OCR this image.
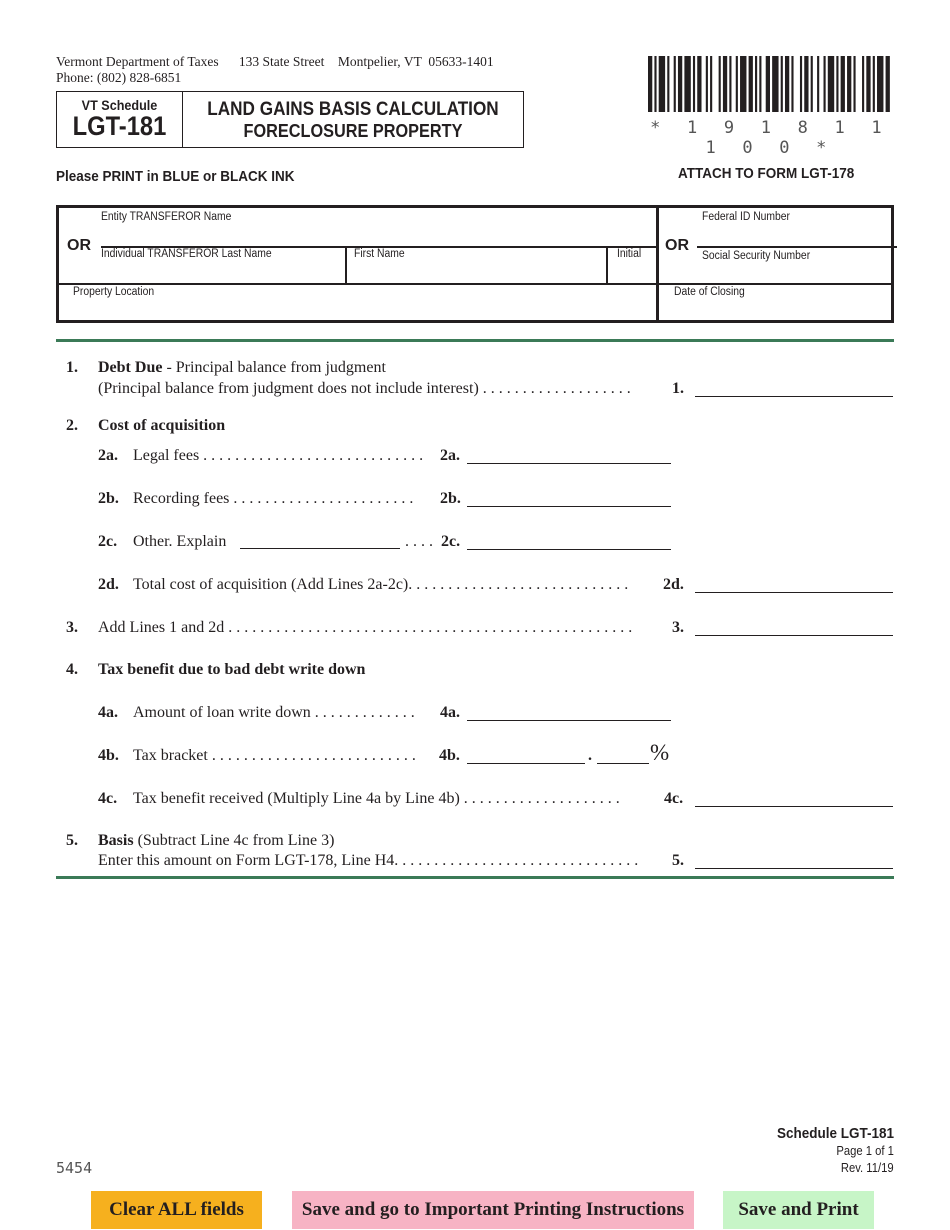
Vermont Department of Taxes      133 State Street    Montpelier, VT  05633-1401
Phone: (802) 828-6851
VT Schedule
LGT-181
LAND GAINS BASIS CALCULATION
FORECLOSURE PROPERTY	* 1 9 1 8 1 1 1 0 0 *
Please PRINT in BLUE or BLACK INK	ATTACH TO FORM LGT-178
Entity TRANSFEROR Name
OR Individual TRANSFEROR Last Name	First Name	Initial
Federal ID Number
OR
Social Security Number
Property Location	Date of Closing
1. Debt Due - Principal balance from judgment
(Principal balance from judgment does not include interest) . . . . . . . . . . . . . . . . . . .	1.
2. Cost of acquisition
2a. Legal fees . . . . . . . . . . . . . . . . . . . . . . . . . . . . 2a.
2b. Recording fees . . . . . . . . . . . . . . . . . . . . . . . 2b.
2c. Other. Explain	. . . . 2c.
2d. Total cost of acquisition (Add Lines 2a-2c). . . . . . . . . . . . . . . . . . . . . . . . . . . . 2d.
3. Add Lines 1 and 2d . . . . . . . . . . . . . . . . . . . . . . . . . . . . . . . . . . . . . . . . . . . . . . . . . . . 3.
4. Tax benefit due to bad debt write down
4a. Amount of loan write down . . . . . . . . . . . . . 4a.
4b. Tax bracket . . . . . . . . . . . . . . . . . . . . . . . . . . 4b.	.	%
4c. Tax benefit received (Multiply Line 4a by Line 4b) . . . . . . . . . . . . . . . . . . . .	4c.
5. Basis (Subtract Line 4c from Line 3)
Enter this amount on Form LGT-178, Line H4. . . . . . . . . . . . . . . . . . . . . . . . . . . . . . . 5.
5454
Schedule LGT-181
Page 1 of 1
Rev. 11/19
Clear ALL fields	Save and go to Important Printing Instructions	Save and Print
